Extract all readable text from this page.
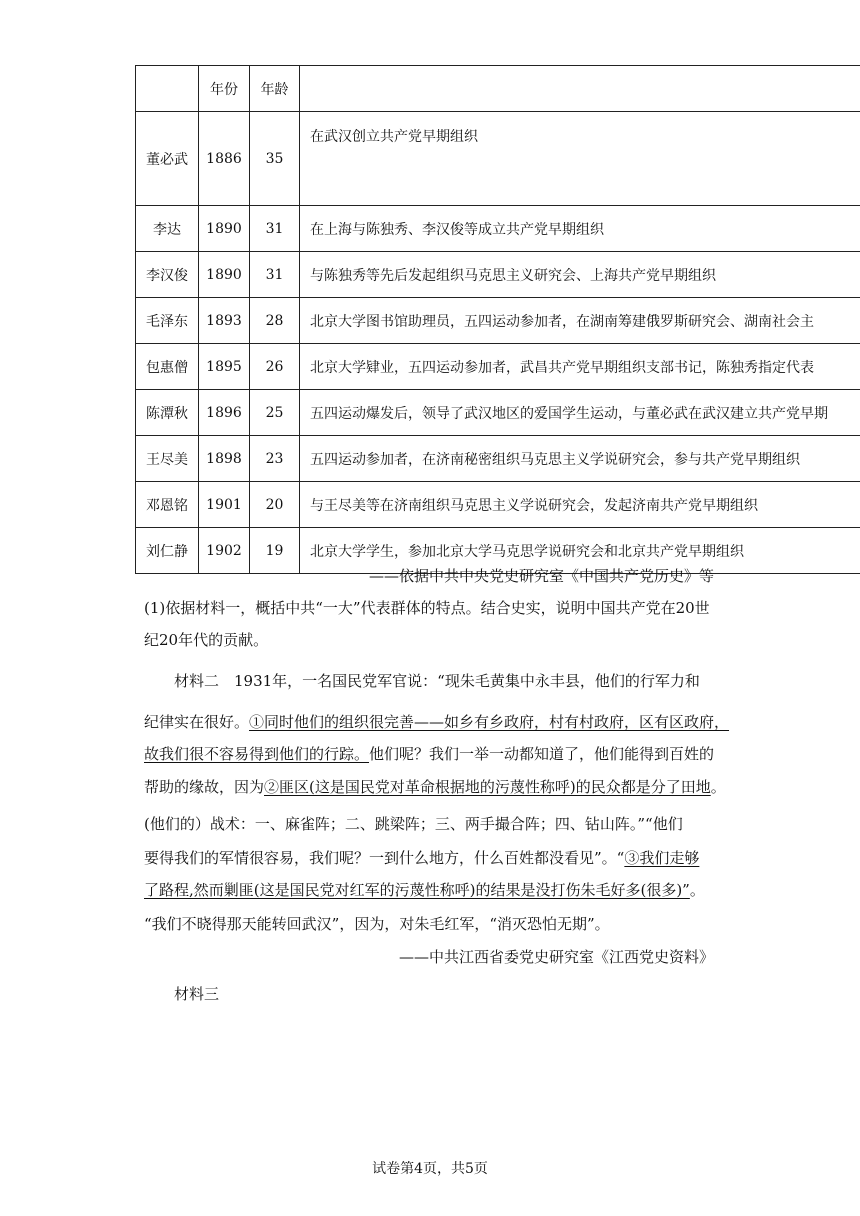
	年份	年龄	
董必武	1886	35	在武汉创立共产党早期组织
李达	1890	31	在上海与陈独秀、李汉俊等成立共产党早期组织
李汉俊	1890	31	与陈独秀等先后发起组织马克思主义研究会、上海共产党早期组织
毛泽东	1893	28	北京大学图书馆助理员，五四运动参加者，在湖南筹建俄罗斯研究会、湖南社会主
包惠僧	1895	26	北京大学肄业，五四运动参加者，武昌共产党早期组织支部书记，陈独秀指定代表
陈潭秋	1896	25	五四运动爆发后，领导了武汉地区的爱国学生运动，与董必武在武汉建立共产党早期
王尽美	1898	23	五四运动参加者，在济南秘密组织马克思主义学说研究会，参与共产党早期组织
邓恩铭	1901	20	与王尽美等在济南组织马克思主义学说研究会，发起济南共产党早期组织
刘仁静	1902	19	北京大学学生，参加北京大学马克思学说研究会和北京共产党早期组织
——依据中共中央党史研究室《中国共产党历史》等
(1)依据材料一，概括中共“一大”代表群体的特点。结合史实，说明中国共产党在20世
纪20年代的贡献。
材料二　1931年，一名国民党军官说：“现朱毛黄集中永丰县，他们的行军力和
纪律实在很好。①同时他们的组织很完善——如乡有乡政府，村有村政府，区有区政府，
故我们很不容易得到他们的行踪。他们呢？我们一举一动都知道了，他们能得到百姓的
帮助的缘故，因为②匪区(这是国民党对革命根据地的污蔑性称呼)的民众都是分了田地。
(他们的）战术：一、麻雀阵；二、跳梁阵；三、两手撮合阵；四、钻山阵。”“他们
要得我们的军情很容易，我们呢？一到什么地方，什么百姓都没看见”。“③我们走够
了路程,然而剿匪(这是国民党对红军的污蔑性称呼)的结果是没打伤朱毛好多(很多)”。
“我们不晓得那天能转回武汉”，因为，对朱毛红军，“消灭恐怕无期”。
——中共江西省委党史研究室《江西党史资料》
材料三
试卷第4页，共5页
